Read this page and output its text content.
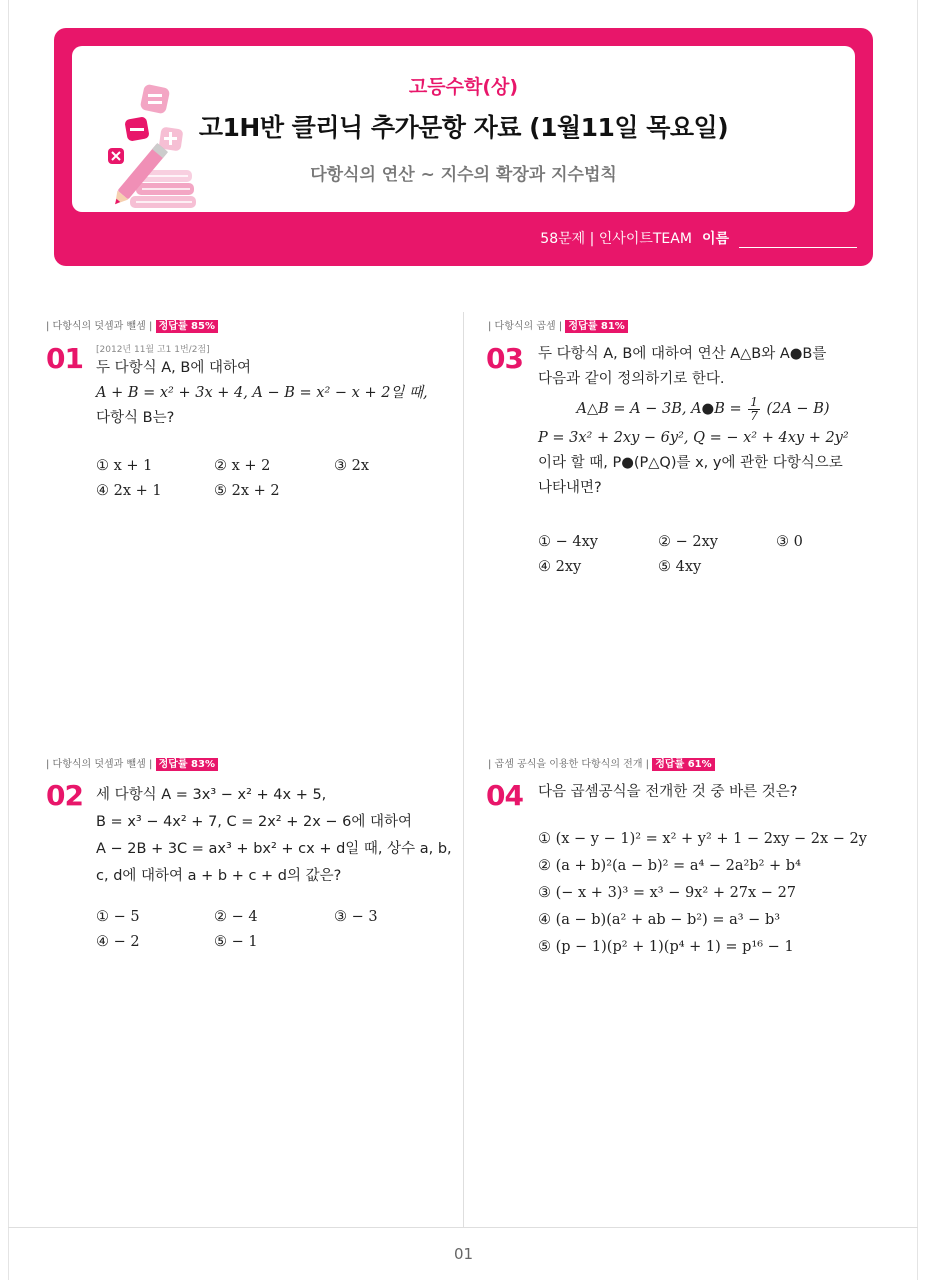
고등수학(상)
고1H반 클리닉 추가문항 자료 (1월11일 목요일)
다항식의 연산 ~ 지수의 확장과 지수법칙
58문제 | 인사이트TEAM 이름
| 다항식의 덧셈과 뺄셈 | 정답률 85%
01 [2012년 11월 고1 1번/2점]
두 다항식 A, B에 대하여
A + B = x² + 3x + 4, A − B = x² − x + 2일 때,
다항식 B는?
① x + 1	② x + 2	③ 2x
④ 2x + 1	⑤ 2x + 2
| 다항식의 곱셈 | 정답률 81%
03 두 다항식 A, B에 대하여 연산 A△B와 A●B를
다음과 같이 정의하기로 한다.
A△B = A − 3B, A●B = $\frac{1}{7} (2A - B)$
P = 3x² + 2xy − 6y², Q = − x² + 4xy + 2y²
이라 할 때, P●(P△Q)를 x, y에 관한 다항식으로
나타내면?
① − 4xy	② − 2xy	③ 0
④ 2xy	⑤ 4xy
| 다항식의 덧셈과 뺄셈 | 정답률 83%
02 세 다항식 A = 3x³ − x² + 4x + 5,
B = x³ − 4x² + 7, C = 2x² + 2x − 6에 대하여
A − 2B + 3C = ax³ + bx² + cx + d일 때, 상수 a, b,
c, d에 대하여 a + b + c + d의 값은?
① − 5	② − 4	③ − 3
④ − 2	⑤ − 1
| 곱셈 공식을 이용한 다항식의 전개 | 정답률 61%
04 다음 곱셈공식을 전개한 것 중 바른 것은?
① (x − y − 1)² = x² + y² + 1 − 2xy − 2x − 2y
② (a + b)²(a − b)² = a⁴ − 2a²b² + b⁴
③ (− x + 3)³ = x³ − 9x² + 27x − 27
④ (a − b)(a² + ab − b²) = a³ − b³
⑤ (p − 1)(p² + 1)(p⁴ + 1) = p¹⁶ − 1
01
